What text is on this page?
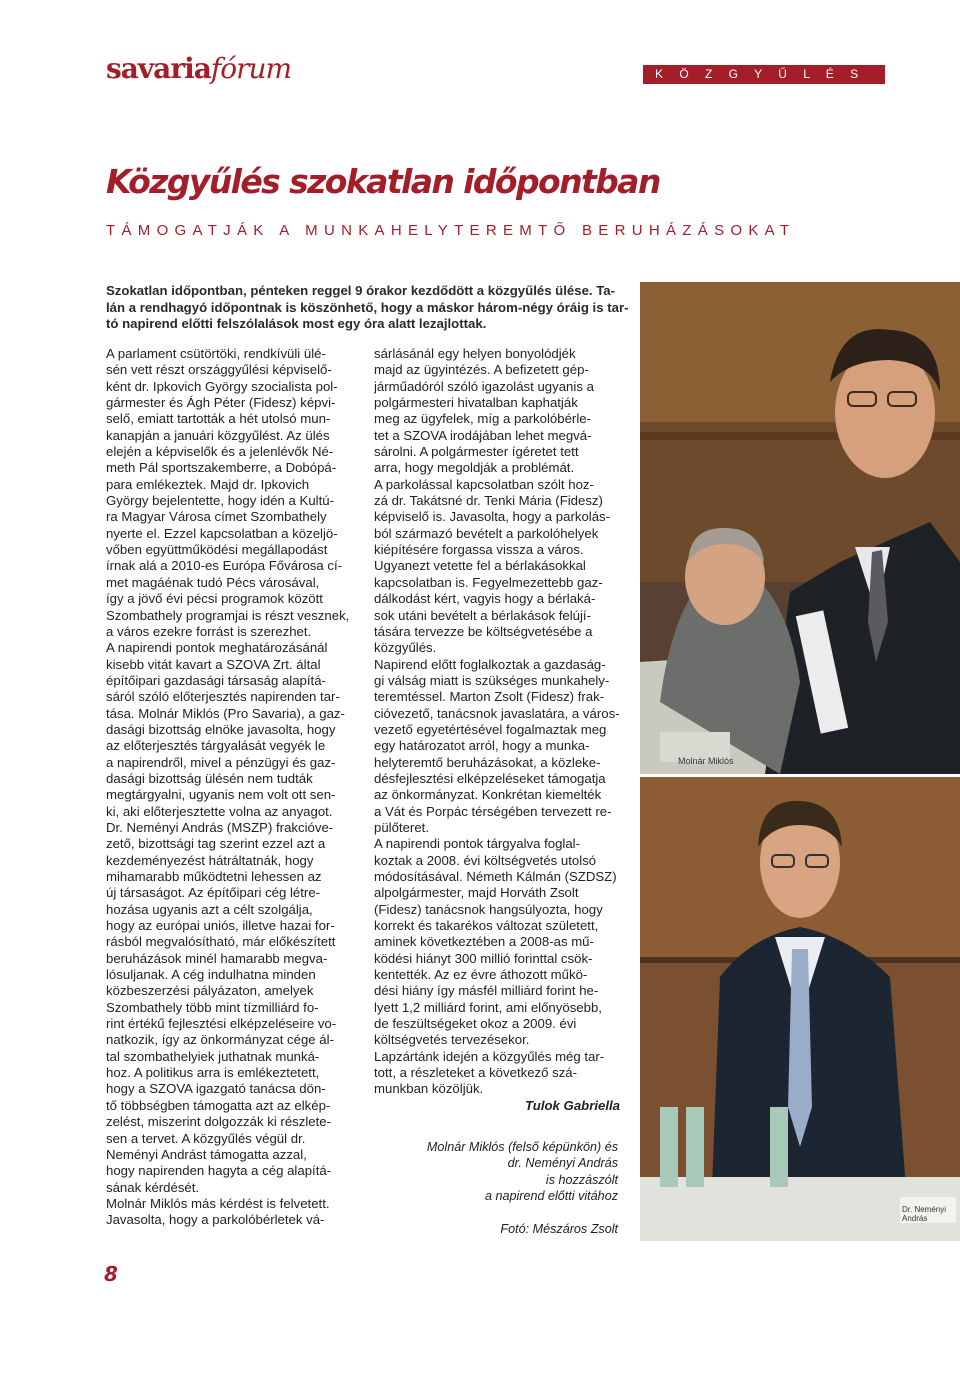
savariafórum	K Ö Z G Y Ű L É S
Közgyűlés szokatlan időpontban
TÁMOGATJÁK A MUNKAHELYTEREMTŐ BERUHÁZÁSOKAT

Szokatlan időpontban, pénteken reggel 9 órakor kezdődött a közgyűlés ülése. Ta-
lán a rendhagyó időpontnak is köszönhető, hogy a máskor három-négy óráig is tar-
tó napirend előtti felszólalások most egy óra alatt lezajlottak.

A parlament csütörtöki, rendkívüli ülé-
sén vett részt országgyűlési képviselő-
ként dr. Ipkovich György szocialista pol-
gármester és Ágh Péter (Fidesz) képvi-
selő, emiatt tartották a hét utolsó mun-
kanapján a januári közgyűlést. Az ülés
elején a képviselők és a jelenlévők Né-
meth Pál sportszakemberre, a Dobópá-
para emlékeztek. Majd dr. Ipkovich
György bejelentette, hogy idén a Kultú-
ra Magyar Városa címet Szombathely
nyerte el. Ezzel kapcsolatban a közeljö-
vőben együttműködési megállapodást
írnak alá a 2010-es Európa Fővárosa cí-
met magáénak tudó Pécs városával,
így a jövő évi pécsi programok között
Szombathely programjai is részt vesznek,
a város ezekre forrást is szerezhet.
A napirendi pontok meghatározásánál
kisebb vitát kavart a SZOVA Zrt. által
építőipari gazdasági társaság alapítá-
sáról szóló előterjesztés napirenden tar-
tása. Molnár Miklós (Pro Savaria), a gaz-
dasági bizottság elnöke javasolta, hogy
az előterjesztés tárgyalását vegyék le
a napirendről, mivel a pénzügyi és gaz-
dasági bizottság ülésén nem tudták
megtárgyalni, ugyanis nem volt ott sen-
ki, aki előterjesztette volna az anyagot.
Dr. Neményi András (MSZP) frakcióve-
zető, bizottsági tag szerint ezzel azt a
kezdeményezést hátráltatnák, hogy
mihamarabb működtetni lehessen az
új társaságot. Az építőipari cég létre-
hozása ugyanis azt a célt szolgálja,
hogy az európai uniós, illetve hazai for-
rásból megvalósítható, már előkészített
beruházások minél hamarabb megva-
lósuljanak. A cég indulhatna minden
közbeszerzési pályázaton, amelyek
Szombathely több mint tízmilliárd fo-
rint értékű fejlesztési elképzeléseire vo-
natkozik, így az önkormányzat cége ál-
tal szombathelyiek juthatnak munká-
hoz. A politikus arra is emlékeztetett,
hogy a SZOVA igazgató tanácsa dön-
tő többségben támogatta azt az elkép-
zelést, miszerint dolgozzák ki részlete-
sen a tervet. A közgyűlés végül dr.
Neményi Andrást támogatta azzal,
hogy napirenden hagyta a cég alapítá-
sának kérdését.
Molnár Miklós más kérdést is felvetett.
Javasolta, hogy a parkolóbérletek vá-

sárlásánál egy helyen bonyolódjék
majd az ügyintézés. A befizetett gép-
járműadóról szóló igazolást ugyanis a
polgármesteri hivatalban kaphatják
meg az ügyfelek, míg a parkolóbérle-
tet a SZOVA irodájában lehet megvá-
sárolni. A polgármester ígéretet tett
arra, hogy megoldják a problémát.
A parkolással kapcsolatban szólt hoz-
zá dr. Takátsné dr. Tenki Mária (Fidesz)
képviselő is. Javasolta, hogy a parkolás-
ból származó bevételt a parkolóhelyek
kiépítésére forgassa vissza a város.
Ugyanezt vetette fel a bérlakásokkal
kapcsolatban is. Fegyelmezettebb gaz-
dálkodást kért, vagyis hogy a bérlaká-
sok utáni bevételt a bérlakások felújí-
tására tervezze be költségvetésébe a
közgyűlés.
Napirend előtt foglalkoztak a gazdaság-
gi válság miatt is szükséges munkahely-
teremtéssel. Marton Zsolt (Fidesz) frak-
cióvezető, tanácsnok javaslatára, a város-
vezető egyetértésével fogalmaztak meg
egy határozatot arról, hogy a munka-
helyteremtő beruházásokat, a közleke-
désfejlesztési elképzeléseket támogatja
az önkormányzat. Konkrétan kiemelték
a Vát és Porpác térségében tervezett re-
pülőteret.
A napirendi pontok tárgyalva foglal-
koztak a 2008. évi költségvetés utolsó
módosításával. Németh Kálmán (SZDSZ)
alpolgármester, majd Horváth Zsolt
(Fidesz) tanácsnok hangsúlyozta, hogy
korrekt és takarékos változat született,
aminek következtében a 2008-as mű-
ködési hiányt 300 millió forinttal csök-
kentették. Az ez évre áthozott műkö-
dési hiány így másfél milliárd forint he-
lyett 1,2 milliárd forint, ami előnyösebb,
de feszültségeket okoz a 2009. évi
költségvetés tervezésekor.
Lapzártánk idején a közgyűlés még tar-
tott, a részleteket a következő szá-
munkban közöljük.
Tulok Gabriella

Molnár Miklós (felső képünkön) és
dr. Neményi András
is hozzászólt
a napirend előtti vitához
Fotó: Mészáros Zsolt

Molnár Miklós
Dr. Neményi András
8
